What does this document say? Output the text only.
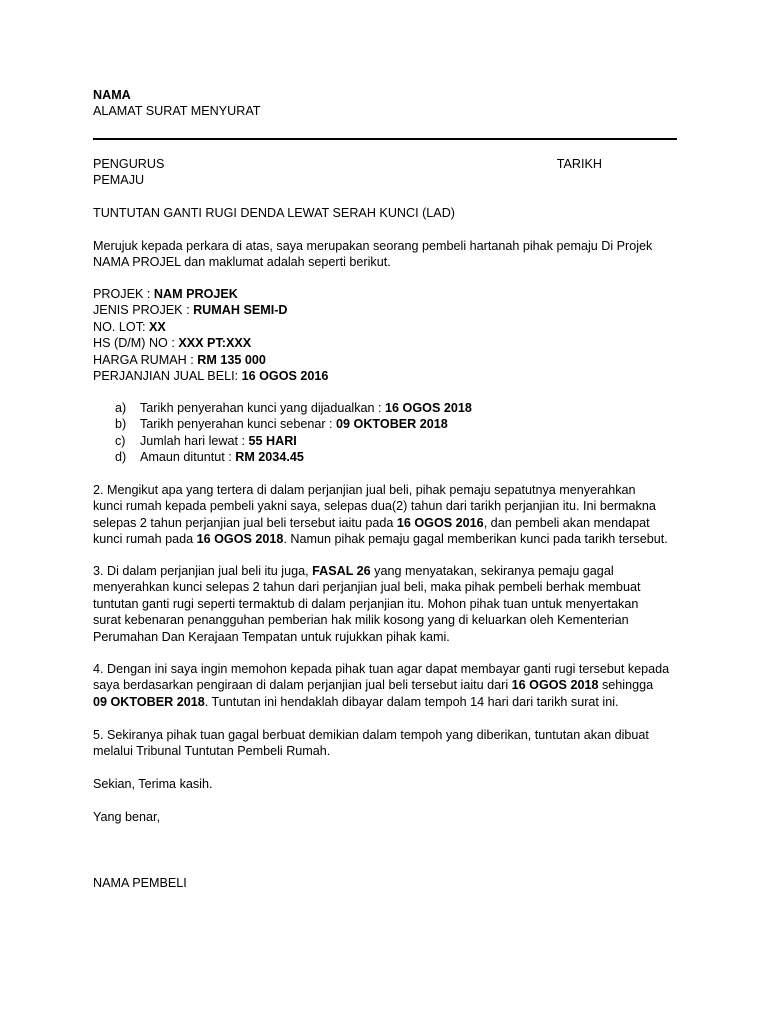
NAMA
ALAMAT SURAT MENYURAT
PENGURUS	TARIKH
PEMAJU
TUNTUTAN GANTI RUGI DENDA LEWAT SERAH KUNCI (LAD)
Merujuk kepada perkara di atas, saya merupakan seorang pembeli hartanah pihak pemaju Di Projek
NAMA PROJEL dan maklumat adalah seperti berikut.
PROJEK : NAM PROJEK
JENIS PROJEK : RUMAH SEMI-D
NO. LOT: XX
HS (D/M) NO : XXX PT:XXX
HARGA RUMAH : RM 135 000
PERJANJIAN JUAL BELI: 16 OGOS 2016
a)	Tarikh penyerahan kunci yang dijadualkan : 16 OGOS 2018
b)	Tarikh penyerahan kunci sebenar : 09 OKTOBER 2018
c)	Jumlah hari lewat : 55 HARI
d)	Amaun dituntut : RM 2034.45
2. Mengikut apa yang tertera di dalam perjanjian jual beli, pihak pemaju sepatutnya menyerahkan
kunci rumah kepada pembeli yakni saya, selepas dua(2) tahun dari tarikh perjanjian itu. Ini bermakna
selepas 2 tahun perjanjian jual beli tersebut iaitu pada 16 OGOS 2016, dan pembeli akan mendapat
kunci rumah pada 16 OGOS 2018. Namun pihak pemaju gagal memberikan kunci pada tarikh tersebut.
3. Di dalam perjanjian jual beli itu juga, FASAL 26 yang menyatakan, sekiranya pemaju gagal
menyerahkan kunci selepas 2 tahun dari perjanjian jual beli, maka pihak pembeli berhak membuat
tuntutan ganti rugi seperti termaktub di dalam perjanjian itu. Mohon pihak tuan untuk menyertakan
surat kebenaran penangguhan pemberian hak milik kosong yang di keluarkan oleh Kementerian
Perumahan Dan Kerajaan Tempatan untuk rujukkan pihak kami.
4. Dengan ini saya ingin memohon kepada pihak tuan agar dapat membayar ganti rugi tersebut kepada
saya berdasarkan pengiraan di dalam perjanjian jual beli tersebut iaitu dari 16 OGOS 2018 sehingga
09 OKTOBER 2018. Tuntutan ini hendaklah dibayar dalam tempoh 14 hari dari tarikh surat ini.
5. Sekiranya pihak tuan gagal berbuat demikian dalam tempoh yang diberikan, tuntutan akan dibuat
melalui Tribunal Tuntutan Pembeli Rumah.
Sekian, Terima kasih.
Yang benar,
NAMA PEMBELI
